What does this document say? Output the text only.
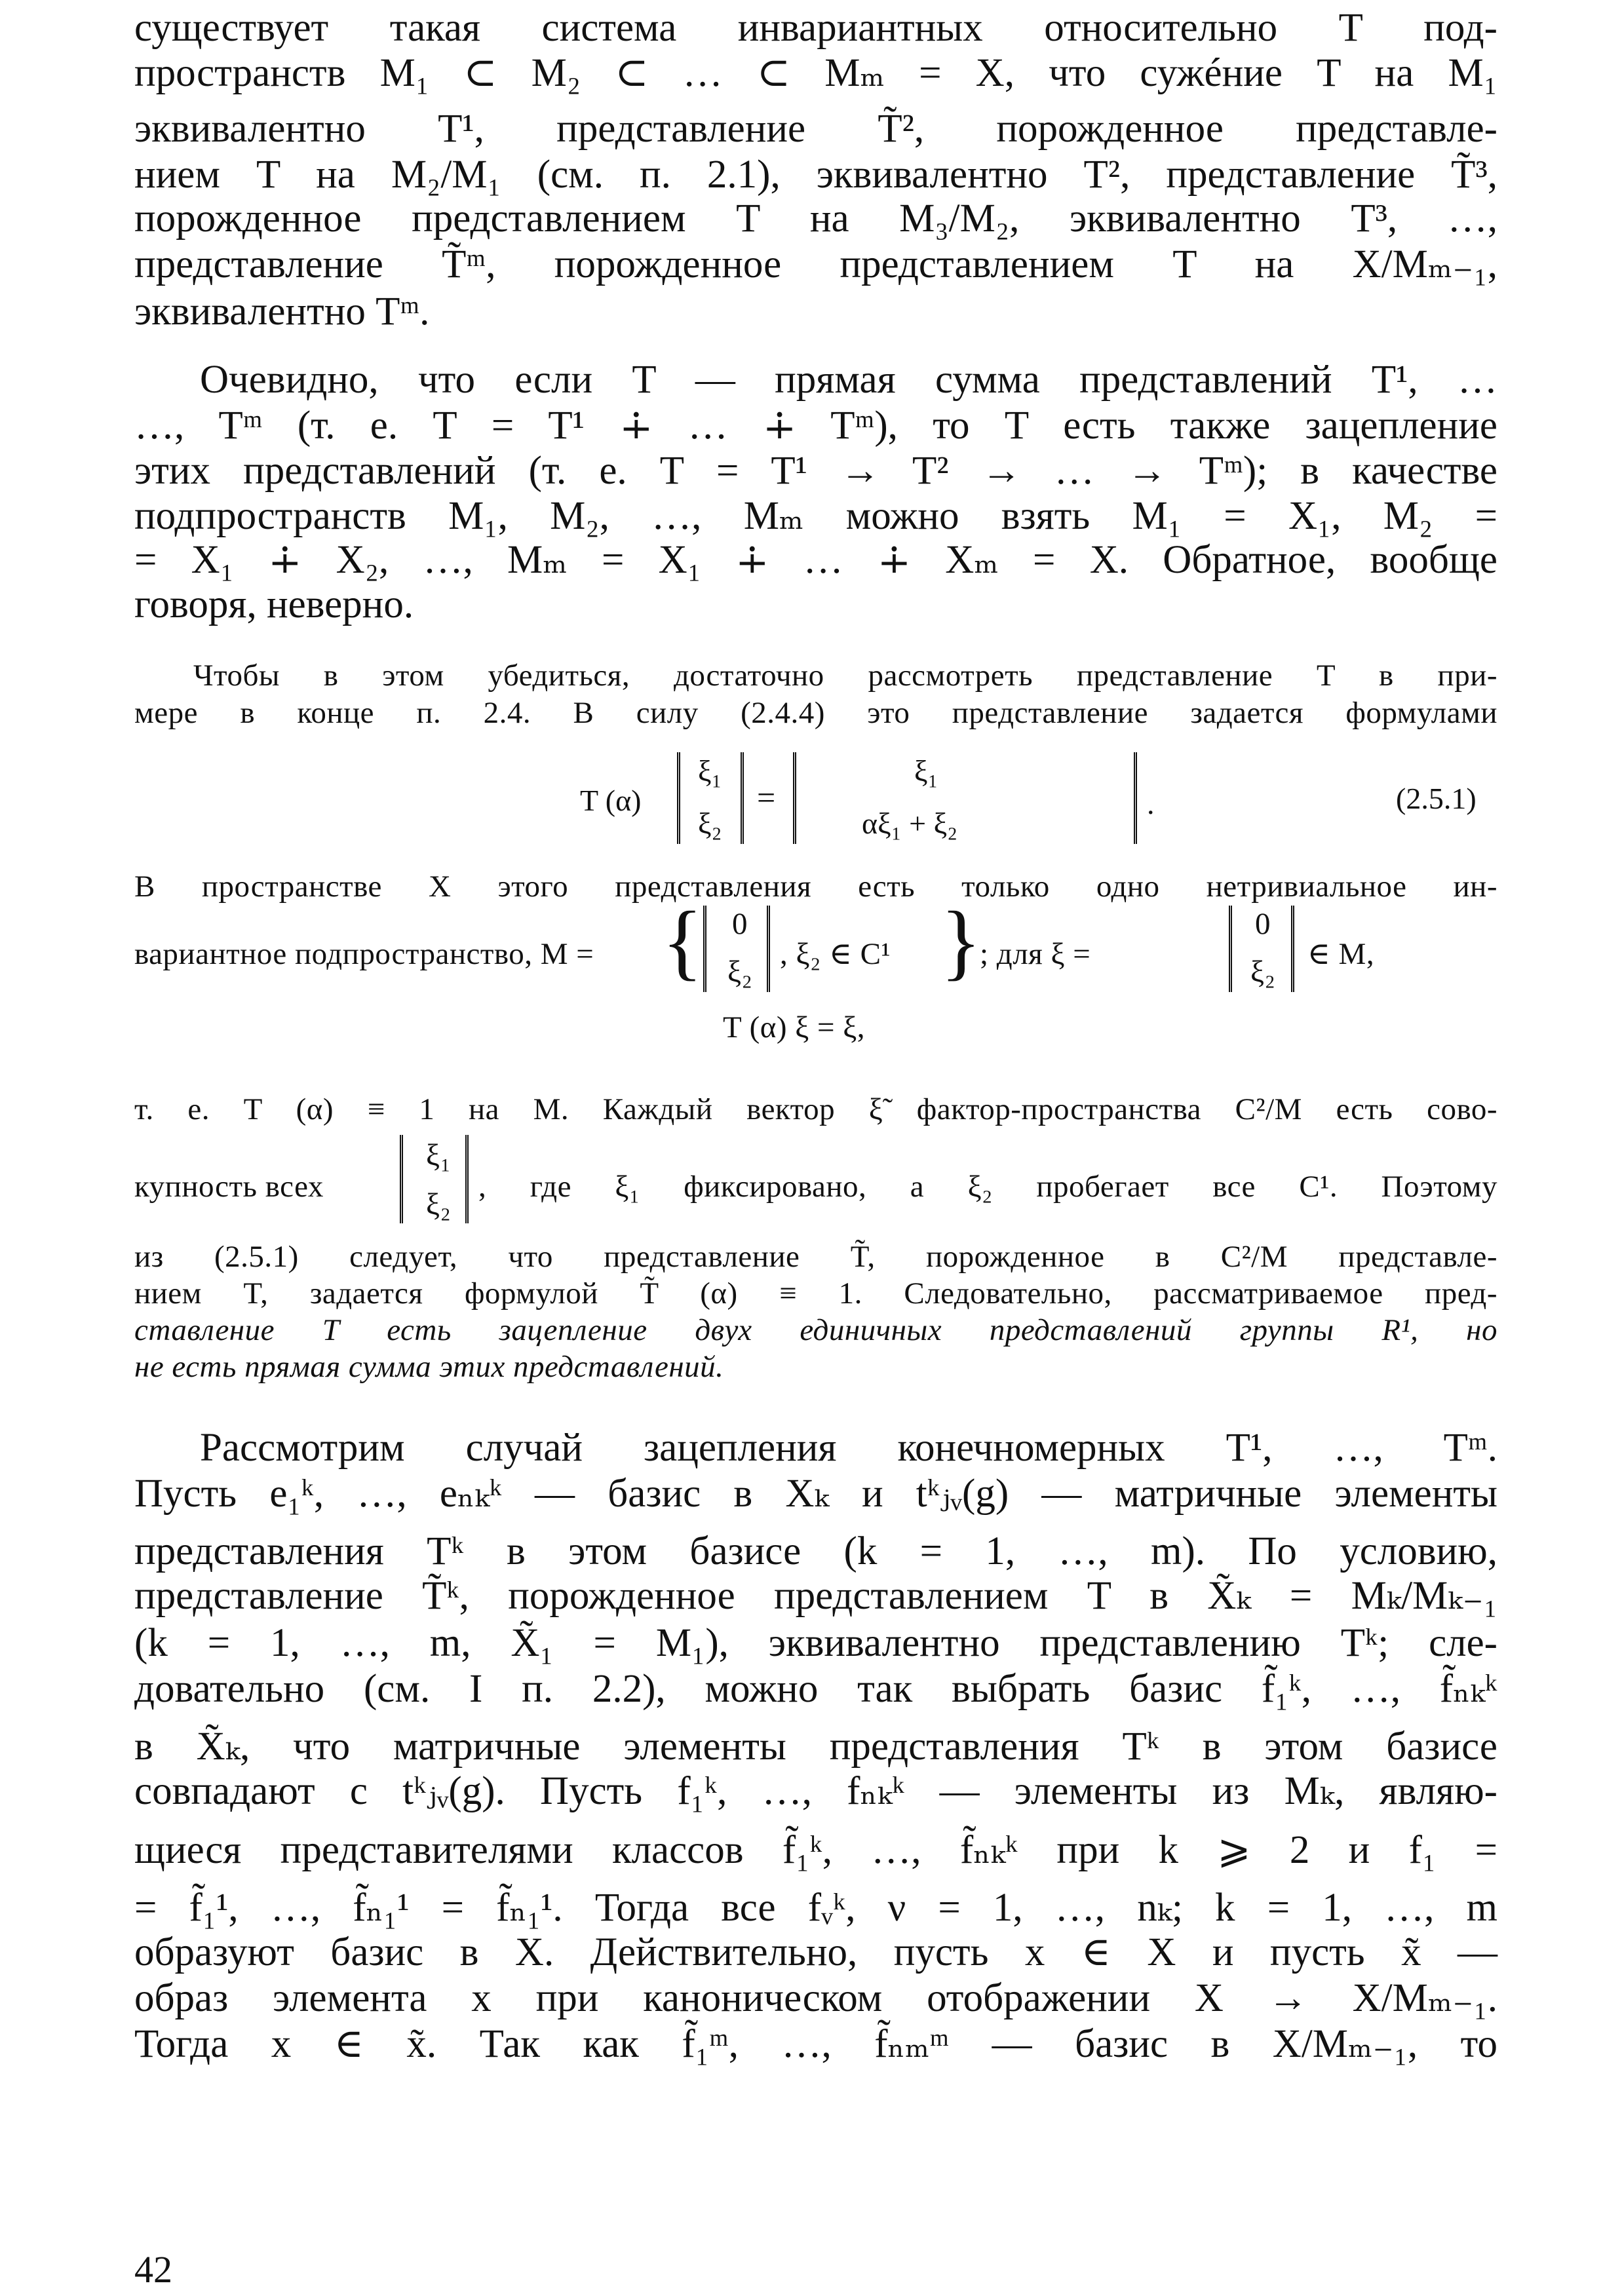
существует такая система инвариантных относительно T под-
пространств M₁ ⊂ M₂ ⊂ … ⊂ Mₘ = X, что сужéние T на M₁
эквивалентно T¹, представление T̃², порожденное представле-
нием T на M₂/M₁ (см. п. 2.1), эквивалентно T², представление T̃³,
порожденное представлением T на M₃/M₂, эквивалентно T³, …,
представление T̃ᵐ, порожденное представлением T на X/Mₘ₋₁,
эквивалентно Tᵐ.
Очевидно, что если T — прямая сумма представлений T¹, …
…, Tᵐ (т. е. T = T¹ ∔ … ∔ Tᵐ), то T есть также зацепление
этих представлений (т. е. T = T¹ → T² → … → Tᵐ); в качестве
подпространств M₁, M₂, …, Mₘ можно взять M₁ = X₁, M₂ =
= X₁ ∔ X₂, …, Mₘ = X₁ ∔ … ∔ Xₘ = X. Обратное, вообще
говоря, неверно.
Чтобы в этом убедиться, достаточно рассмотреть представление T в при-
мере в конце п. 2.4. В силу (2.4.4) это представление задается формулами
T (α)
ξ₁
ξ₂
=
ξ₁
αξ₁ + ξ₂
.	(2.5.1)
В пространстве X этого представления есть только одно нетривиальное ин-
вариантное подпространство, M = { 0
ξ₂
, ξ₂ ∈ C¹ }
; для ξ =
0
ξ₂
∈ M,
T (α) ξ = ξ,
т. е. T (α) ≡ 1 на M. Каждый вектор ξ̃ фактор-пространства C²/M есть сово-
купность всех
ξ₁
ξ₂
, где ξ₁ фиксировано, а ξ₂ пробегает все C¹. Поэтому
из (2.5.1) следует, что представление T̃, порожденное в C²/M представле-
нием T, задается формулой T̃ (α) ≡ 1. Следовательно, рассматриваемое пред-
ставление T есть зацепление двух единичных представлений группы R¹, но
не есть прямая сумма этих представлений.
Рассмотрим случай зацепления конечномерных T¹, …, Tᵐ.
Пусть e₁ᵏ, …, eₙₖᵏ — базис в Xₖ и tᵏⱼᵥ(g) — матричные элементы
представления Tᵏ в этом базисе (k = 1, …, m). По условию,
представление T̃ᵏ, порожденное представлением T в X̃ₖ = Mₖ/Mₖ₋₁
(k = 1, …, m, X̃₁ = M₁), эквивалентно представлению Tᵏ; сле-
довательно (см. I п. 2.2), можно так выбрать базис f̃₁ᵏ, …, f̃ₙₖᵏ
в X̃ₖ, что матричные элементы представления Tᵏ в этом базисе
совпадают с tᵏⱼᵥ(g). Пусть f₁ᵏ, …, fₙₖᵏ — элементы из Mₖ, являю-
щиеся представителями классов f̃₁ᵏ, …, f̃ₙₖᵏ при k ⩾ 2 и f₁ =
= f̃₁¹, …, f̃ₙ₁¹ = f̃ₙ₁¹. Тогда все fᵥᵏ, ν = 1, …, nₖ; k = 1, …, m
образуют базис в X. Действительно, пусть x ∈ X и пусть x̃ —
образ элемента x при каноническом отображении X → X/Mₘ₋₁.
Тогда x ∈ x̃. Так как f̃₁ᵐ, …, f̃ₙₘᵐ — базис в X/Mₘ₋₁, то
42
